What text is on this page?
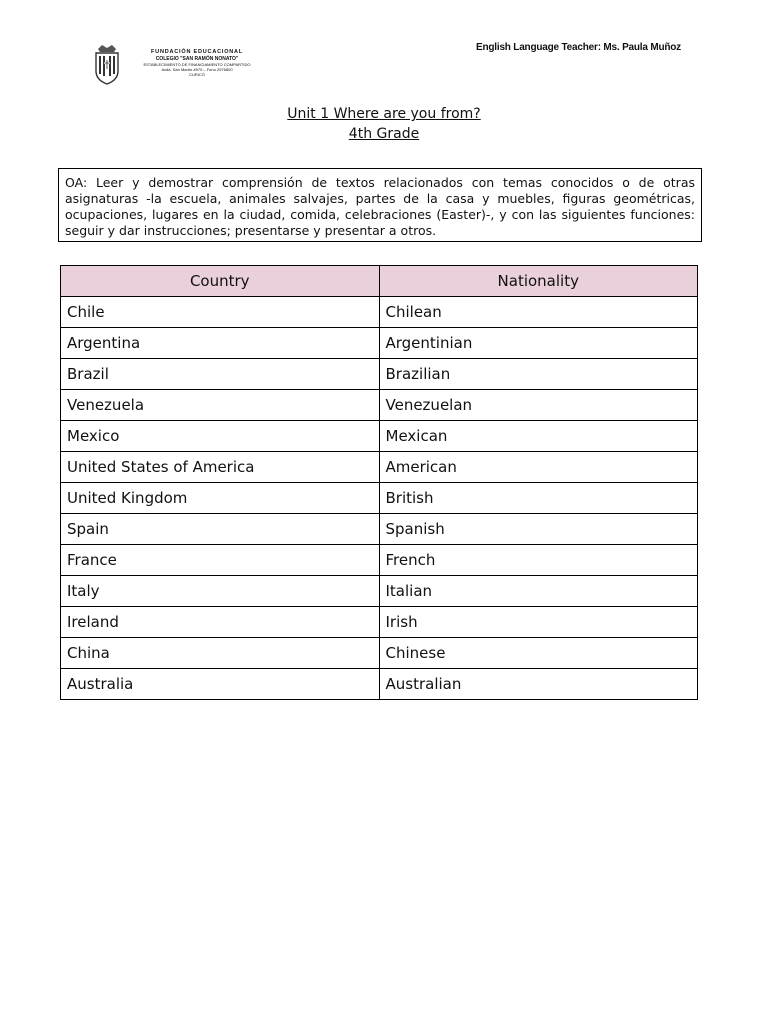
FUNDACIÓN EDUCACIONAL
COLEGIO "SAN RAMÓN NONATO"
ESTABLECIMIENTO DE FINANCIAMIENTO COMPARTIDO
Avda. San Martín #970 – Fono 2576800
CURICÓ
English Language Teacher: Ms. Paula Muñoz
Unit 1 Where are you from?
4th Grade
OA: Leer y demostrar comprensión de textos relacionados con temas conocidos o de otras asignaturas -la escuela, animales salvajes, partes de la casa y muebles, figuras geométricas, ocupaciones, lugares en la ciudad, comida, celebraciones (Easter)-, y con las siguientes funciones: seguir y dar instrucciones; presentarse y presentar a otros.
Country	Nationality
Chile	Chilean
Argentina	Argentinian
Brazil	Brazilian
Venezuela	Venezuelan
Mexico	Mexican
United States of America	American
United Kingdom	British
Spain	Spanish
France	French
Italy	Italian
Ireland	Irish
China	Chinese
Australia	Australian
